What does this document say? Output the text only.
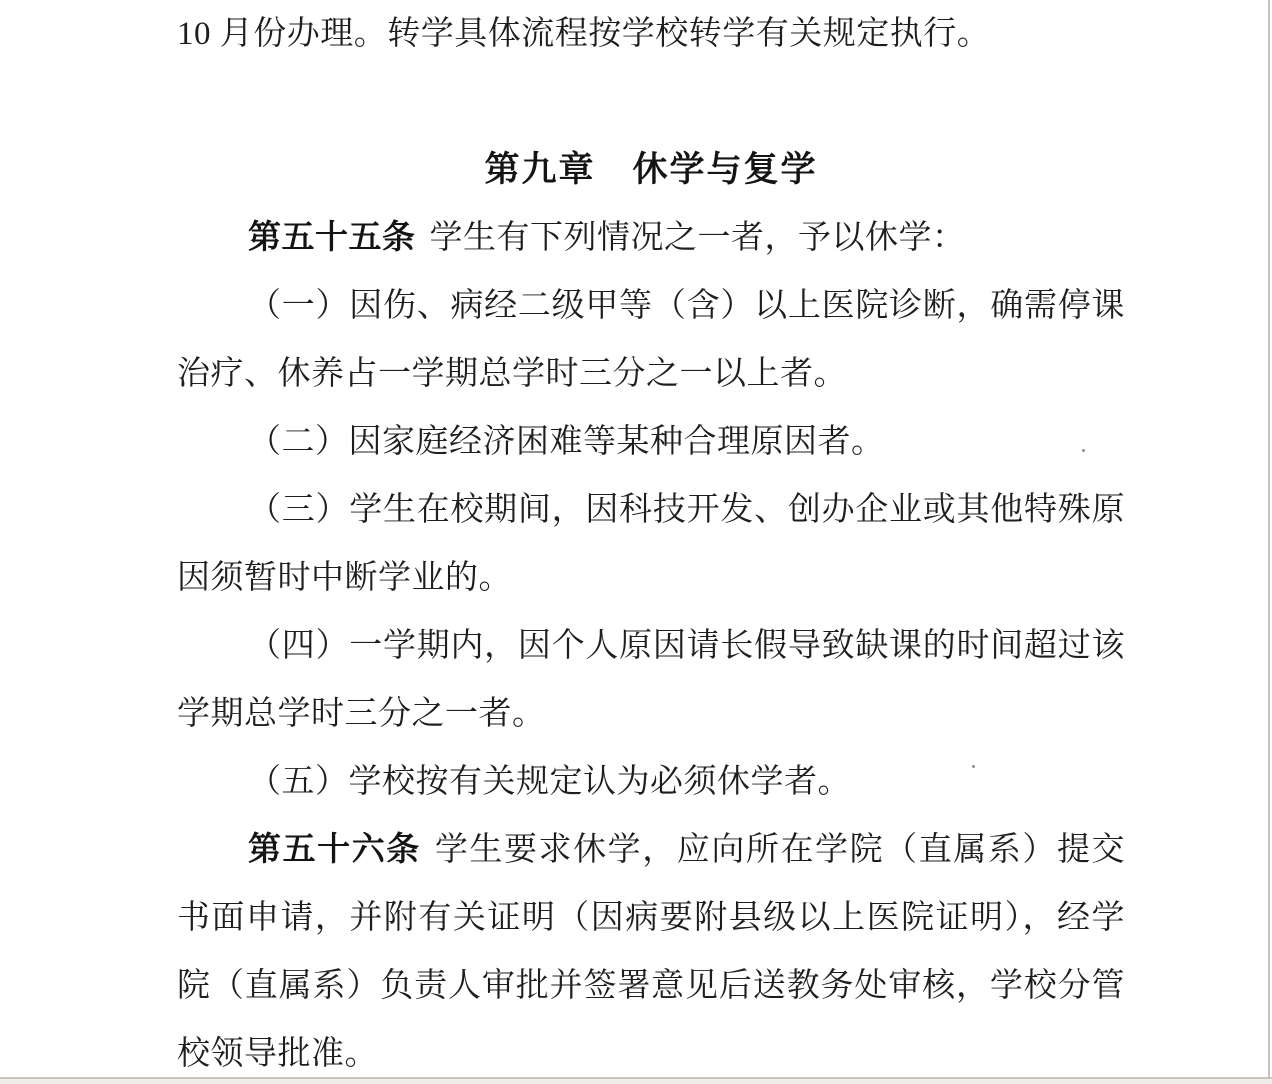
10 月份办理。转学具体流程按学校转学有关规定执行。
第九章　休学与复学
第五十五条 学生有下列情况之一者，予以休学：
（一）因伤、病经二级甲等（含）以上医院诊断，确需停课
治疗、休养占一学期总学时三分之一以上者。
（二）因家庭经济困难等某种合理原因者。
（三）学生在校期间，因科技开发、创办企业或其他特殊原
因须暂时中断学业的。
（四）一学期内，因个人原因请长假导致缺课的时间超过该
学期总学时三分之一者。
（五）学校按有关规定认为必须休学者。
第五十六条 学生要求休学，应向所在学院（直属系）提交
书面申请，并附有关证明（因病要附县级以上医院证明），经学
院（直属系）负责人审批并签署意见后送教务处审核，学校分管
校领导批准。
